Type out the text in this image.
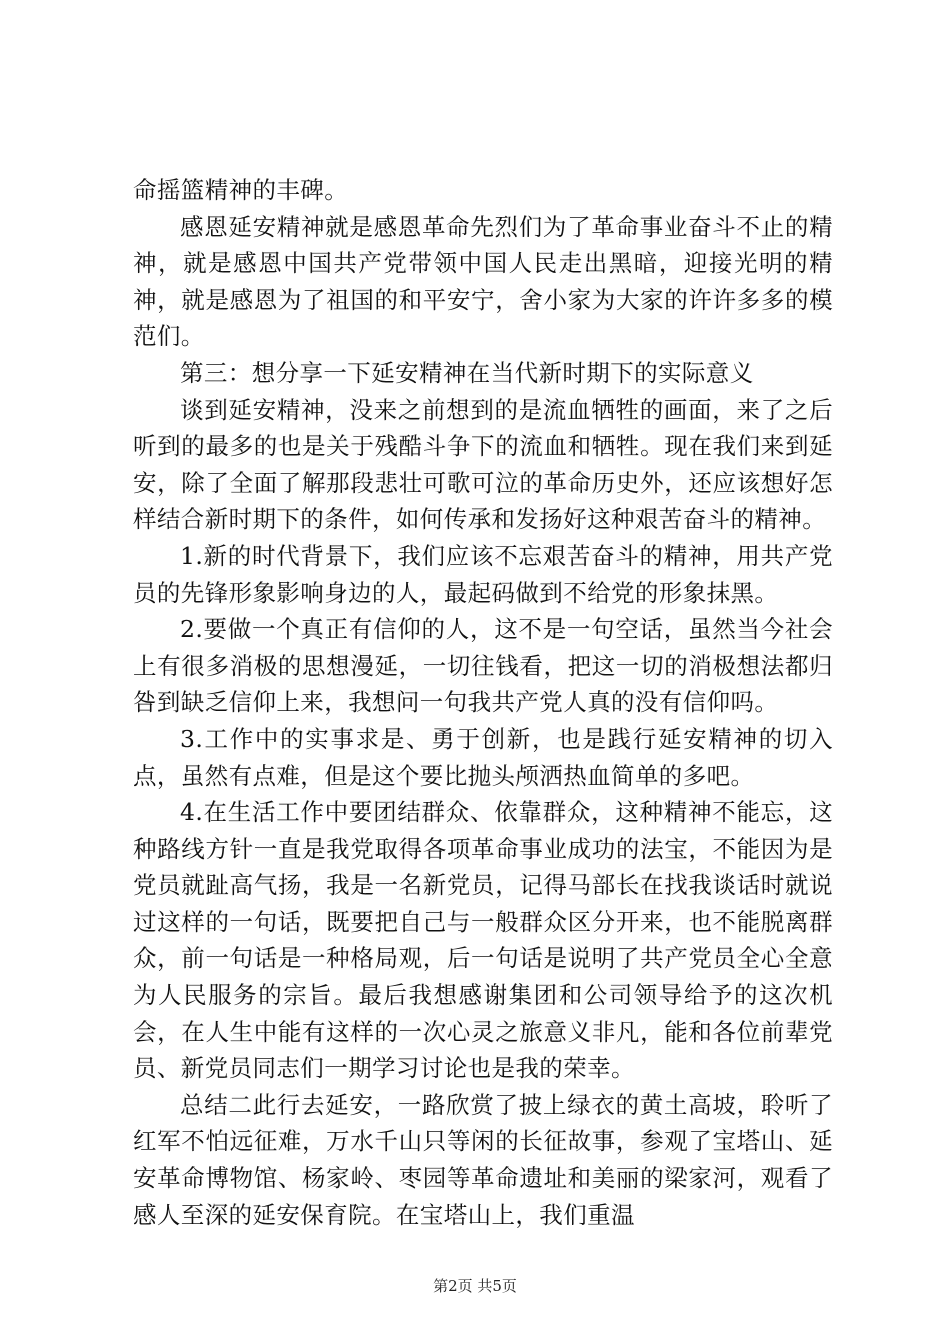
命摇篮精神的丰碑。

感恩延安精神就是感恩革命先烈们为了革命事业奋斗不止的精神，就是感恩中国共产党带领中国人民走出黑暗，迎接光明的精神，就是感恩为了祖国的和平安宁，舍小家为大家的许许多多的模范们。

第三：想分享一下延安精神在当代新时期下的实际意义

谈到延安精神，没来之前想到的是流血牺牲的画面，来了之后听到的最多的也是关于残酷斗争下的流血和牺牲。现在我们来到延安，除了全面了解那段悲壮可歌可泣的革命历史外，还应该想好怎样结合新时期下的条件，如何传承和发扬好这种艰苦奋斗的精神。

1.新的时代背景下，我们应该不忘艰苦奋斗的精神，用共产党员的先锋形象影响身边的人，最起码做到不给党的形象抹黑。

2.要做一个真正有信仰的人，这不是一句空话，虽然当今社会上有很多消极的思想漫延，一切往钱看，把这一切的消极想法都归咎到缺乏信仰上来，我想问一句我共产党人真的没有信仰吗。

3.工作中的实事求是、勇于创新，也是践行延安精神的切入点，虽然有点难，但是这个要比抛头颅洒热血简单的多吧。

4.在生活工作中要团结群众、依靠群众，这种精神不能忘，这种路线方针一直是我党取得各项革命事业成功的法宝，不能因为是党员就趾高气扬，我是一名新党员，记得马部长在找我谈话时就说过这样的一句话，既要把自己与一般群众区分开来，也不能脱离群众，前一句话是一种格局观，后一句话是说明了共产党员全心全意为人民服务的宗旨。最后我想感谢集团和公司领导给予的这次机会，在人生中能有这样的一次心灵之旅意义非凡，能和各位前辈党员、新党员同志们一期学习讨论也是我的荣幸。

总结二此行去延安，一路欣赏了披上绿衣的黄土高坡，聆听了红军不怕远征难，万水千山只等闲的长征故事，参观了宝塔山、延安革命博物馆、杨家岭、枣园等革命遗址和美丽的梁家河，观看了感人至深的延安保育院。在宝塔山上，我们重温

第2页 共5页
